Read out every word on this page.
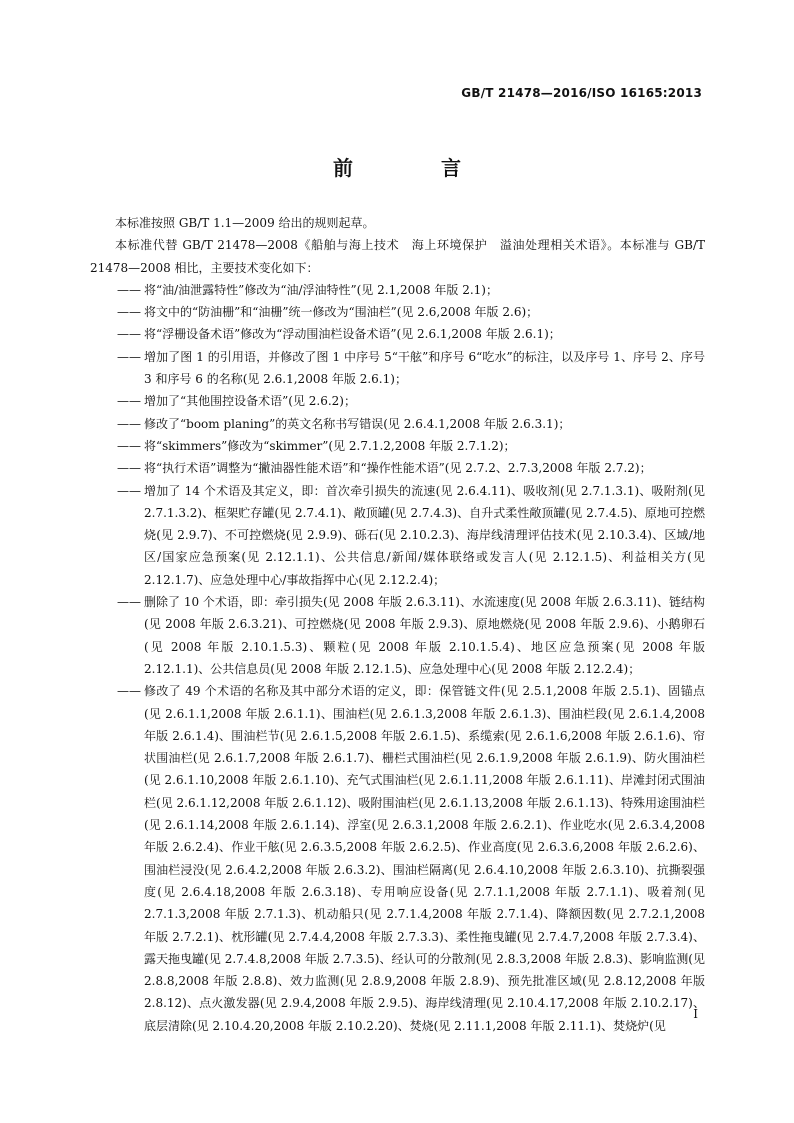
GB/T 21478—2016/ISO 16165:2013
前　言

本标准按照 GB/T 1.1—2009 给出的规则起草。

本标准代替 GB/T 21478—2008《船舶与海上技术　海上环境保护　溢油处理相关术语》。本标准与 GB/T 21478—2008 相比，主要技术变化如下：

—— 将“油/油泄露特性”修改为“油/浮油特性”(见 2.1,2008 年版 2.1)；
—— 将文中的“防油栅”和“油栅”统一修改为“围油栏”(见 2.6,2008 年版 2.6)；
—— 将“浮栅设备术语”修改为“浮动围油栏设备术语”(见 2.6.1,2008 年版 2.6.1)；
—— 增加了图 1 的引用语，并修改了图 1 中序号 5“干舷”和序号 6“吃水”的标注，以及序号 1、序号 2、序号 3 和序号 6 的名称(见 2.6.1,2008 年版 2.6.1)；
—— 增加了“其他围控设备术语”(见 2.6.2)；
—— 修改了“boom planing”的英文名称书写错误(见 2.6.4.1,2008 年版 2.6.3.1)；
—— 将“skimmers”修改为“skimmer”(见 2.7.1.2,2008 年版 2.7.1.2)；
—— 将“执行术语”调整为“撇油器性能术语”和“操作性能术语”(见 2.7.2、2.7.3,2008 年版 2.7.2)；
—— 增加了 14 个术语及其定义，即：首次牵引损失的流速(见 2.6.4.11)、吸收剂(见 2.7.1.3.1)、吸附剂(见 2.7.1.3.2)、框架贮存罐(见 2.7.4.1)、敞顶罐(见 2.7.4.3)、自升式柔性敞顶罐(见 2.7.4.5)、原地可控燃烧(见 2.9.7)、不可控燃烧(见 2.9.9)、砾石(见 2.10.2.3)、海岸线清理评估技术(见 2.10.3.4)、区域/地区/国家应急预案(见 2.12.1.1)、公共信息/新闻/媒体联络或发言人(见 2.12.1.5)、利益相关方(见 2.12.1.7)、应急处理中心/事故指挥中心(见 2.12.2.4)；
—— 删除了 10 个术语，即：牵引损失(见 2008 年版 2.6.3.11)、水流速度(见 2008 年版 2.6.3.11)、链结构(见 2008 年版 2.6.3.21)、可控燃烧(见 2008 年版 2.9.3)、原地燃烧(见 2008 年版 2.9.6)、小鹅卵石(见 2008 年版 2.10.1.5.3)、颗粒(见 2008 年版 2.10.1.5.4)、地区应急预案(见 2008 年版 2.12.1.1)、公共信息员(见 2008 年版 2.12.1.5)、应急处理中心(见 2008 年版 2.12.2.4)；
—— 修改了 49 个术语的名称及其中部分术语的定义，即：保管链文件(见 2.5.1,2008 年版 2.5.1)、固锚点(见 2.6.1.1,2008 年版 2.6.1.1)、围油栏(见 2.6.1.3,2008 年版 2.6.1.3)、围油栏段(见 2.6.1.4,2008 年版 2.6.1.4)、围油栏节(见 2.6.1.5,2008 年版 2.6.1.5)、系缆索(见 2.6.1.6,2008 年版 2.6.1.6)、帘状围油栏(见 2.6.1.7,2008 年版 2.6.1.7)、栅栏式围油栏(见 2.6.1.9,2008 年版 2.6.1.9)、防火围油栏(见 2.6.1.10,2008 年版 2.6.1.10)、充气式围油栏(见 2.6.1.11,2008 年版 2.6.1.11)、岸滩封闭式围油栏(见 2.6.1.12,2008 年版 2.6.1.12)、吸附围油栏(见 2.6.1.13,2008 年版 2.6.1.13)、特殊用途围油栏(见 2.6.1.14,2008 年版 2.6.1.14)、浮室(见 2.6.3.1,2008 年版 2.6.2.1)、作业吃水(见 2.6.3.4,2008 年版 2.6.2.4)、作业干舷(见 2.6.3.5,2008 年版 2.6.2.5)、作业高度(见 2.6.3.6,2008 年版 2.6.2.6)、围油栏浸没(见 2.6.4.2,2008 年版 2.6.3.2)、围油栏隔离(见 2.6.4.10,2008 年版 2.6.3.10)、抗撕裂强度(见 2.6.4.18,2008 年版 2.6.3.18)、专用响应设备(见 2.7.1.1,2008 年版 2.7.1.1)、吸着剂(见 2.7.1.3,2008 年版 2.7.1.3)、机动船只(见 2.7.1.4,2008 年版 2.7.1.4)、降额因数(见 2.7.2.1,2008 年版 2.7.2.1)、枕形罐(见 2.7.4.4,2008 年版 2.7.3.3)、柔性拖曳罐(见 2.7.4.7,2008 年版 2.7.3.4)、露天拖曳罐(见 2.7.4.8,2008 年版 2.7.3.5)、经认可的分散剂(见 2.8.3,2008 年版 2.8.3)、影响监测(见 2.8.8,2008 年版 2.8.8)、效力监测(见 2.8.9,2008 年版 2.8.9)、预先批准区域(见 2.8.12,2008 年版 2.8.12)、点火激发器(见 2.9.4,2008 年版 2.9.5)、海岸线清理(见 2.10.4.17,2008 年版 2.10.2.17)、底层清除(见 2.10.4.20,2008 年版 2.10.2.20)、焚烧(见 2.11.1,2008 年版 2.11.1)、焚烧炉(见
I
